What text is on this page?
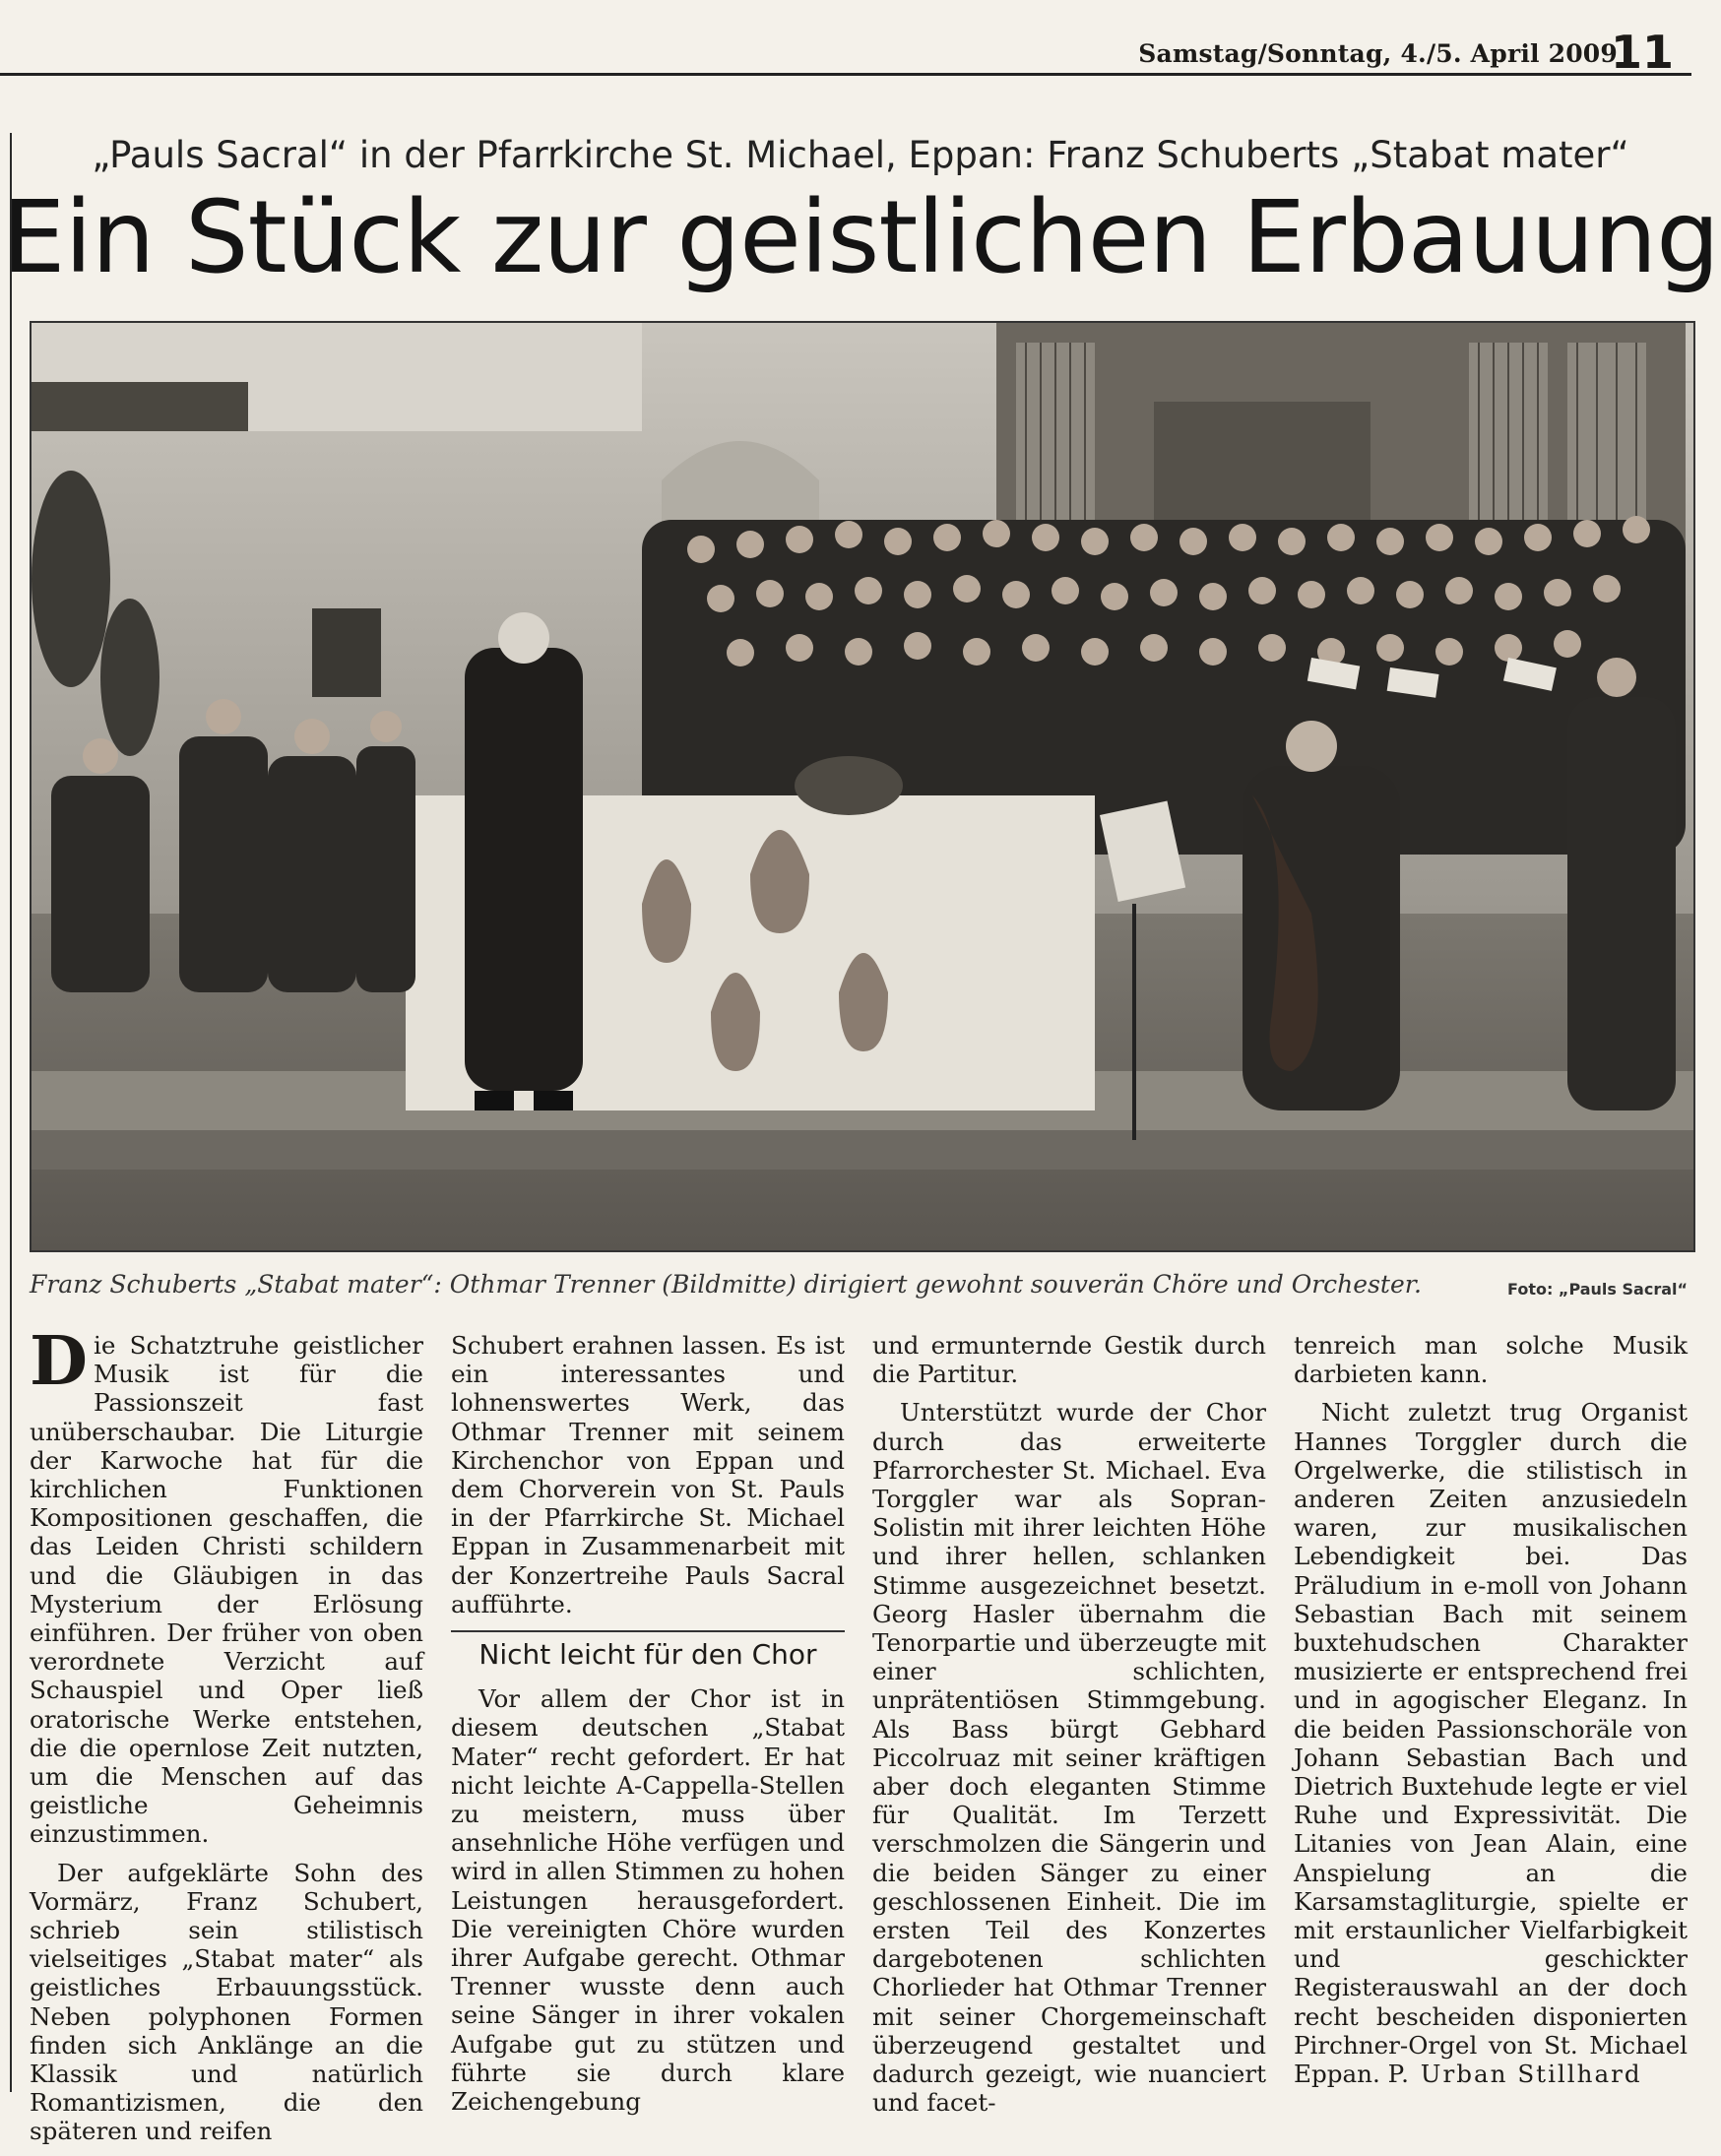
Samstag/Sonntag, 4./5. April 2009
11
„Pauls Sacral“ in der Pfarrkirche St. Michael, Eppan: Franz Schuberts „Stabat mater“
Ein Stück zur geistlichen Erbauung
Franz Schuberts „Stabat mater“: Othmar Trenner (Bildmitte) dirigiert gewohnt souverän Chöre und Orchester.	Foto: „Pauls Sacral“

D ie Schatztruhe geistlicher Musik ist für die Passionszeit fast unüberschaubar. Die Liturgie der Karwoche hat für die kirchlichen Funktionen Kompositionen geschaffen, die das Leiden Christi schildern und die Gläubigen in das Mysterium der Erlösung einführen. Der früher von oben verordnete Verzicht auf Schauspiel und Oper ließ oratorische Werke entstehen, die die opernlose Zeit nutzten, um die Menschen auf das geistliche Geheimnis einzustimmen.

Der aufgeklärte Sohn des Vormärz, Franz Schubert, schrieb sein stilistisch vielseitiges „Stabat mater“ als geistliches Erbauungsstück. Neben polyphonen Formen finden sich Anklänge an die Klassik und natürlich Romantizismen, die den späteren und reifen

Schubert erahnen lassen. Es ist ein interessantes und lohnenswertes Werk, das Othmar Trenner mit seinem Kirchenchor von Eppan und dem Chorverein von St. Pauls in der Pfarrkirche St. Michael Eppan in Zusammenarbeit mit der Konzertreihe Pauls Sacral aufführte.

Nicht leicht für den Chor

Vor allem der Chor ist in diesem deutschen „Stabat Mater“ recht gefordert. Er hat nicht leichte A-Cappella-Stellen zu meistern, muss über ansehnliche Höhe verfügen und wird in allen Stimmen zu hohen Leistungen herausgefordert. Die vereinigten Chöre wurden ihrer Aufgabe gerecht. Othmar Trenner wusste denn auch seine Sänger in ihrer vokalen Aufgabe gut zu stützen und führte sie durch klare Zeichengebung

und ermunternde Gestik durch die Partitur.

Unterstützt wurde der Chor durch das erweiterte Pfarrorchester St. Michael. Eva Torggler war als Sopran-Solistin mit ihrer leichten Höhe und ihrer hellen, schlanken Stimme ausgezeichnet besetzt. Georg Hasler übernahm die Tenorpartie und überzeugte mit einer schlichten, unprätentiösen Stimmgebung. Als Bass bürgt Gebhard Piccolruaz mit seiner kräftigen aber doch eleganten Stimme für Qualität. Im Terzett verschmolzen die Sängerin und die beiden Sänger zu einer geschlossenen Einheit. Die im ersten Teil des Konzertes dargebotenen schlichten Chorlieder hat Othmar Trenner mit seiner Chorgemeinschaft überzeugend gestaltet und dadurch gezeigt, wie nuanciert und facet-

tenreich man solche Musik darbieten kann.

Nicht zuletzt trug Organist Hannes Torggler durch die Orgelwerke, die stilistisch in anderen Zeiten anzusiedeln waren, zur musikalischen Lebendigkeit bei. Das Präludium in e-moll von Johann Sebastian Bach mit seinem buxtehudschen Charakter musizierte er entsprechend frei und in agogischer Eleganz. In die beiden Passionschoräle von Johann Sebastian Bach und Dietrich Buxtehude legte er viel Ruhe und Expressivität. Die Litanies von Jean Alain, eine Anspielung an die Karsamstagliturgie, spielte er mit erstaunlicher Vielfarbigkeit und geschickter Registerauswahl an der doch recht bescheiden disponierten Pirchner-Orgel von St. Michael Eppan. P. Urban Stillhard
